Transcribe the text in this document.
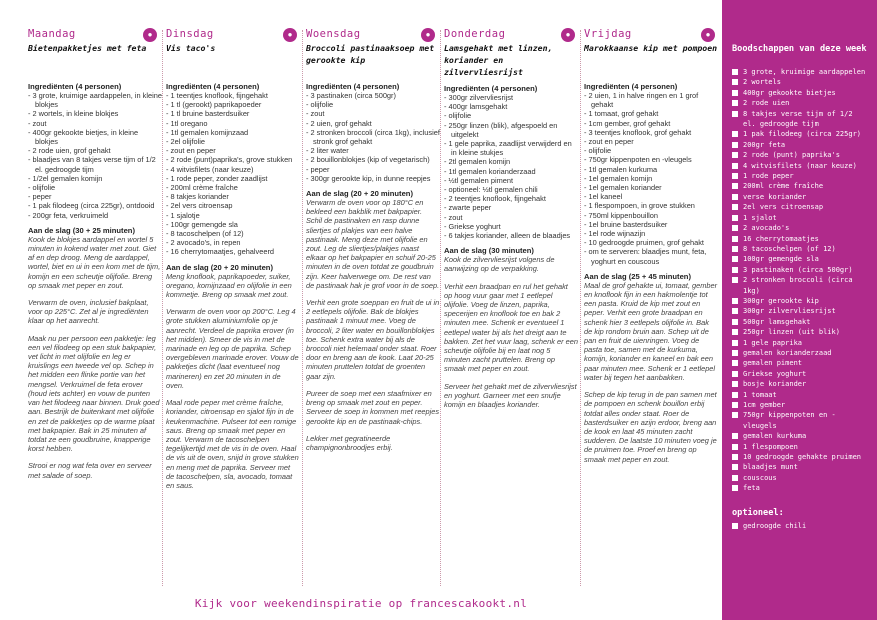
●	●	●	●	●
Maandag
Bietenpakketjes met feta
Ingrediënten (4 personen)
- 3 grote, kruimige aardappelen, in kleine blokjes
- 2 wortels, in kleine blokjes
- zout
- 400gr gekookte bietjes, in kleine blokjes
- 2 rode uien, grof gehakt
- blaadjes van 8 takjes verse tijm of 1/2 el. gedroogde tijm
- 1/2el gemalen komijn
- olijfolie
- peper
- 1 pak filodeeg (circa 225gr), ontdooid
- 200gr feta, verkruimeld
Aan de slag (30 + 25 minuten)

Kook de blokjes aardappel en wortel 5 minuten in kokend water met zout. Giet af en dep droog. Meng de aardappel, wortel, biet en ui in een kom met de tijm, komijn en een scheutje olijfolie. Breng op smaak met peper en zout.

Verwarm de oven, inclusief bakplaat, voor op 225°C. Zet al je ingrediënten klaar op het aanrecht.

Maak nu per persoon een pakketje: leg een vel filodeeg op een stuk bakpapier, vet licht in met olijfolie en leg er kruislings een tweede vel op. Schep in het midden een flinke portie van het mengsel. Verkruimel de feta erover (houd iets achter) en vouw de punten van het filodeeg naar binnen. Druk goed aan. Bestrijk de buitenkant met olijfolie en zet de pakketjes op de warme plaat met bakpapier. Bak in 25 minuten af totdat ze een goudbruine, knapperige korst hebben.

Strooi er nog wat feta over en serveer met salade of soep.

Dinsdag
Vis taco's
Ingrediënten (4 personen)
- 1 teentjes knoflook, fijngehakt
- 1 tl (gerookt) paprikapoeder
- 1 tl bruine basterdsuiker
- 1tl oregano
- 1tl gemalen komijnzaad
- 2el olijfolie
- zout en peper
- 2 rode (punt)paprika's, grove stukken
- 4 witvisfilets (naar keuze)
- 1 rode peper, zonder zaadlijst
- 200ml crème fraîche
- 8 takjes koriander
- 2el vers citroensap
- 1 sjalotje
- 100gr gemengde sla
- 8 tacoschelpen (of 12)
- 2 avocado's, in repen
- 16 cherrytomaatjes, gehalveerd
Aan de slag (20 + 20 minuten)

Meng knoflook, paprikapoeder, suiker, oregano, komijnzaad en olijfolie in een kommetje. Breng op smaak met zout.

Verwarm de oven voor op 200°C. Leg 4 grote stukken aluminiumfolie op je aanrecht. Verdeel de paprika erover (in het midden). Smeer de vis in met de marinade en leg op de paprika. Schep overgebleven marinade erover. Vouw de pakketjes dicht (laat eventueel nog marineren) en zet 20 minuten in de oven.

Maal rode peper met crème fraîche, koriander, citroensap en sjalot fijn in de keukenmachine. Pulseer tot een romige saus. Breng op smaak met peper en zout. Verwarm de tacoschelpen tegelijkertijd met de vis in de oven. Haal de vis uit de oven, snijd in grove stukken en meng met de paprika. Serveer met de tacoschelpen, sla, avocado, tomaat en saus.

Woensdag
Broccoli pastinaaksoep met gerookte kip
Ingrediënten (4 personen)
- 3 pastinaken (circa 500gr)
- olijfolie
- zout
- 2 uien, grof gehakt
- 2 stronken broccoli (circa 1kg), inclusief stronk grof gehakt
- 2 liter water
- 2 bouillonblokjes (kip of vegetarisch)
- peper
- 300gr gerookte kip, in dunne reepjes
Aan de slag (20 + 20 minuten)

Verwarm de oven voor op 180°C en bekleed een bakblik met bakpapier. Schil de pastinaken en rasp dunne sliertjes of plakjes van een halve pastinaak. Meng deze met olijfolie en zout. Leg de sliertjes/plakjes naast elkaar op het bakpapier en schuif 20-25 minuten in de oven totdat ze goudbruin zijn. Keer halverwege om. De rest van de pastinaak hak je grof voor in de soep.

Verhit een grote soeppan en fruit de ui in 2 eetlepels olijfolie. Bak de blokjes pastinaak 1 minuut mee. Voeg de broccoli, 2 liter water en bouillonblokjes toe. Schenk extra water bij als de broccoli niet helemaal onder staat. Roer door en breng aan de kook. Laat 20-25 minuten pruttelen totdat de groenten gaar zijn.

Pureer de soep met een staafmixer en breng op smaak met zout en peper. Serveer de soep in kommen met reepjes gerookte kip en de pastinaak-chips.

Lekker met gegratineerde champignonbroodjes erbij.

Donderdag
Lamsgehakt met linzen, koriander en zilvervliesrijst
Ingrediënten (4 personen)
- 300gr zilvervliesrijst
- 400gr lamsgehakt
- olijfolie
- 250gr linzen (blik), afgespoeld en uitgelekt
- 1 gele paprika, zaadlijst verwijderd en in kleine stukjes
- 2tl gemalen komijn
- 1tl gemalen korianderzaad
- ½tl gemalen piment
- optioneel: ½tl gemalen chili
- 2 teentjes knoflook, fijngehakt
- zwarte peper
- zout
- Griekse yoghurt
- 6 takjes koriander, alleen de blaadjes
Aan de slag (30 minuten)

Kook de zilvervliesrijst volgens de aanwijzing op de verpakking.

Verhit een braadpan en rul het gehakt op hoog vuur gaar met 1 eetlepel olijfolie. Voeg de linzen, paprika, specerijen en knoflook toe en bak 2 minuten mee. Schenk er eventueel 1 eetlepel water bij als het dreigt aan te bakken. Zet het vuur laag, schenk er een scheutje olijfolie bij en laat nog 5 minuten zacht pruttelen. Breng op smaak met peper en zout.

Serveer het gehakt met de zilvervliesrijst en yoghurt. Garneer met een snufje komijn en blaadjes koriander.

Vrijdag
Marokkaanse kip met pompoen
Ingrediënten (4 personen)
- 2 uien, 1 in halve ringen en 1 grof gehakt
- 1 tomaat, grof gehakt
- 1cm gember, grof gehakt
- 3 teentjes knoflook, grof gehakt
- zout en peper
- olijfolie
- 750gr kippenpoten en -vleugels
- 1tl gemalen kurkuma
- 1el gemalen komijn
- 1el gemalen koriander
- 1el kaneel
- 1 flespompoen, in grove stukken
- 750ml kippenbouillon
- 1el bruine basterdsuiker
- 1el rode wijnazijn
- 10 gedroogde pruimen, grof gehakt
- om te serveren: blaadjes munt, feta, yoghurt en couscous
Aan de slag (25 + 45 minuten)

Maal de grof gehakte ui, tomaat, gember en knoflook fijn in een hakmolentje tot een pasta. Kruid de kip met zout en peper. Verhit een grote braadpan en schenk hier 3 eetlepels olijfolie in. Bak de kip rondom bruin aan. Schep uit de pan en fruit de uienringen. Voeg de pasta toe, samen met de kurkuma, komijn, koriander en kaneel en bak een paar minuten mee. Schenk er 1 eetlepel water bij tegen het aanbakken.

Schep de kip terug in de pan samen met de pompoen en schenk bouillon erbij totdat alles onder staat. Roer de basterdsuiker en azijn erdoor, breng aan de kook en laat 45 minuten zacht sudderen. De laatste 10 minuten voeg je de pruimen toe. Proef en breng op smaak met peper en zout.

Kijk voor weekendinspiratie op francescakookt.nl
Boodschappen van deze week
3 grote, kruimige aardappelen
2 wortels
400gr gekookte bietjes
2 rode uien
8 takjes verse tijm of 1/2 el. gedroogde tijm
1 pak filodeeg (circa 225gr)
200gr feta
2 rode (punt) paprika's
4 witvisfilets (naar keuze)
1 rode peper
200ml crème fraîche
verse koriander
2el vers citroensap
1 sjalot
2 avocado's
16 cherrytomaatjes
8 tacoschelpen (of 12)
100gr gemengde sla
3 pastinaken (circa 500gr)
2 stronken broccoli (circa 1kg)
300gr gerookte kip
300gr zilvervliesrijst
500gr lamsgehakt
250gr linzen (uit blik)
1 gele paprika
gemalen korianderzaad
gemalen piment
Griekse yoghurt
bosje koriander
1 tomaat
1cm gember
750gr kippenpoten en -vleugels
gemalen kurkuma
1 flespompoen
10 gedroogde gehakte pruimen
blaadjes munt
couscous
feta
optioneel:
gedroogde chili
